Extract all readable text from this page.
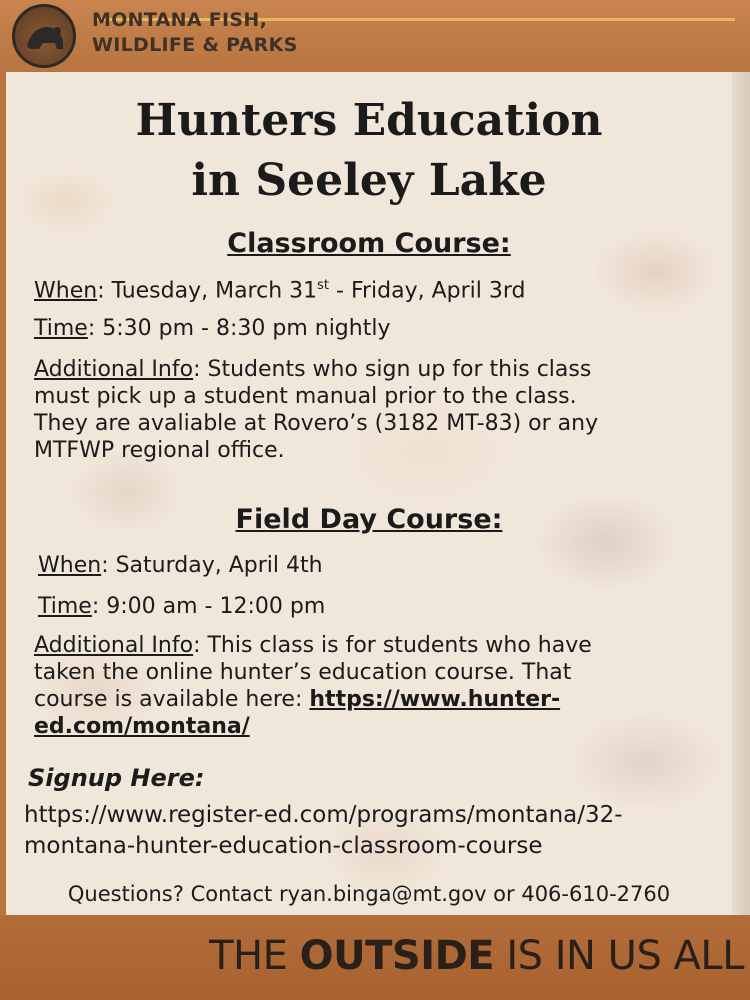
MONTANA FISH,
WILDLIFE & PARKS
Hunters Education
in Seeley Lake
Classroom Course:
When: Tuesday, March 31st - Friday, April 3rd
Time: 5:30 pm - 8:30 pm nightly
Additional Info: Students who sign up for this class
must pick up a student manual prior to the class.
They are avaliable at Rovero’s (3182 MT-83) or any
MTFWP regional office.
Field Day Course:
When: Saturday, April 4th
Time: 9:00 am - 12:00 pm
Additional Info: This class is for students who have
taken the online hunter’s education course. That
course is available here: https://www.hunter-
ed.com/montana/
Signup Here:
https://www.register-ed.com/programs/montana/32-
montana-hunter-education-classroom-course
Questions? Contact ryan.binga@mt.gov or 406-610-2760
THE OUTSIDE IS IN US ALL
